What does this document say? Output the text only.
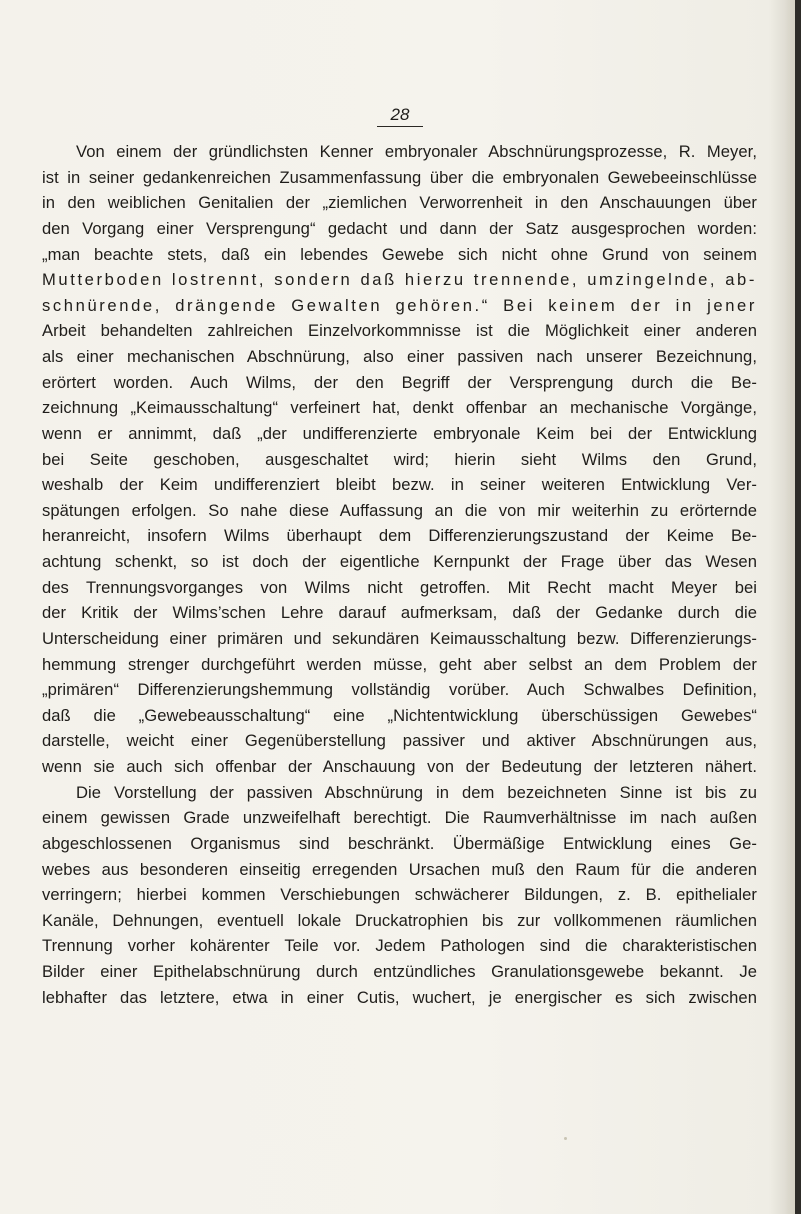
28
Von einem der gründlichsten Kenner embryonaler Abschnürungsprozesse, R. Meyer,
ist in seiner gedankenreichen Zusammenfassung über die embryonalen Gewebeeinschlüsse
in den weiblichen Genitalien der „ziemlichen Verworrenheit in den Anschauungen über
den Vorgang einer Versprengung“ gedacht und dann der Satz ausgesprochen worden:
„man beachte stets, daß ein lebendes Gewebe sich nicht ohne Grund von seinem
Mutterboden lostrennt, sondern daß hierzu trennende, umzingelnde, ab-
schnürende, drängende Gewalten gehören.“ Bei keinem der in jener
Arbeit behandelten zahlreichen Einzelvorkommnisse ist die Möglichkeit einer anderen
als einer mechanischen Abschnürung, also einer passiven nach unserer Bezeichnung,
erörtert worden. Auch Wilms, der den Begriff der Versprengung durch die Be-
zeichnung „Keimausschaltung“ verfeinert hat, denkt offenbar an mechanische Vorgänge,
wenn er annimmt, daß „der undifferenzierte embryonale Keim bei der Entwicklung
bei Seite geschoben, ausgeschaltet wird; hierin sieht Wilms den Grund,
weshalb der Keim undifferenziert bleibt bezw. in seiner weiteren Entwicklung Ver-
spätungen erfolgen. So nahe diese Auffassung an die von mir weiterhin zu erörternde
heranreicht, insofern Wilms überhaupt dem Differenzierungszustand der Keime Be-
achtung schenkt, so ist doch der eigentliche Kernpunkt der Frage über das Wesen
des Trennungsvorganges von Wilms nicht getroffen. Mit Recht macht Meyer bei
der Kritik der Wilms’schen Lehre darauf aufmerksam, daß der Gedanke durch die
Unterscheidung einer primären und sekundären Keimausschaltung bezw. Differenzierungs-
hemmung strenger durchgeführt werden müsse, geht aber selbst an dem Problem der
„primären“ Differenzierungshemmung vollständig vorüber. Auch Schwalbes Definition,
daß die „Gewebeausschaltung“ eine „Nichtentwicklung überschüssigen Gewebes“
darstelle, weicht einer Gegenüberstellung passiver und aktiver Abschnürungen aus,
wenn sie auch sich offenbar der Anschauung von der Bedeutung der letzteren nähert.
Die Vorstellung der passiven Abschnürung in dem bezeichneten Sinne ist bis zu
einem gewissen Grade unzweifelhaft berechtigt. Die Raumverhältnisse im nach außen
abgeschlossenen Organismus sind beschränkt. Übermäßige Entwicklung eines Ge-
webes aus besonderen einseitig erregenden Ursachen muß den Raum für die anderen
verringern; hierbei kommen Verschiebungen schwächerer Bildungen, z. B. epithelialer
Kanäle, Dehnungen, eventuell lokale Druckatrophien bis zur vollkommenen räumlichen
Trennung vorher kohärenter Teile vor. Jedem Pathologen sind die charakteristischen
Bilder einer Epithelabschnürung durch entzündliches Granulationsgewebe bekannt. Je
lebhafter das letztere, etwa in einer Cutis, wuchert, je energischer es sich zwischen
